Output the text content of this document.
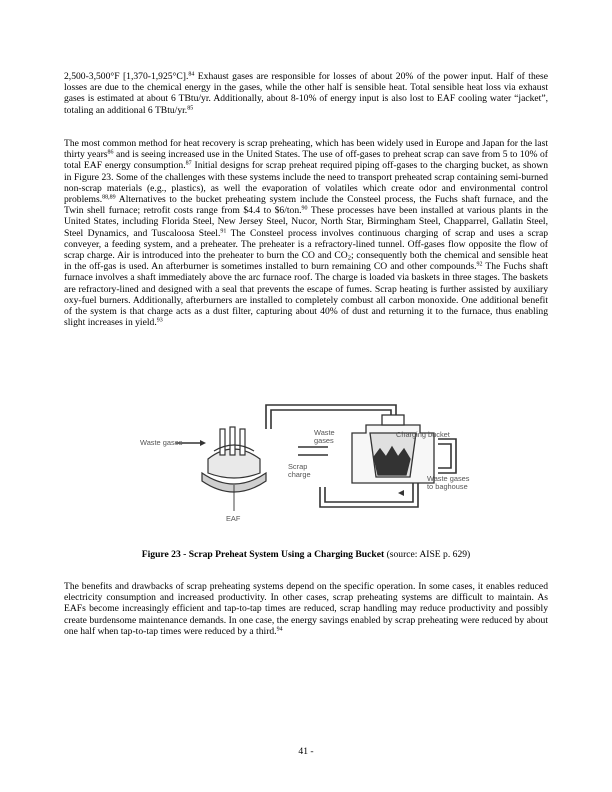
2,500-3,500°F [1,370-1,925°C].$^{84}$ Exhaust gases are responsible for losses of about 20% of the power input. Half of these losses are due to the chemical energy in the gases, while the other half is sensible heat. Total sensible heat loss via exhaust gases is estimated at about 6 TBtu/yr. Additionally, about 8-10% of energy input is also lost to EAF cooling water “jacket”, totaling an additional 6 TBtu/yr.$^{85}$

The most common method for heat recovery is scrap preheating, which has been widely used in Europe and Japan for the last thirty years$^{86}$ and is seeing increased use in the United States. The use of off-gases to preheat scrap can save from 5 to 10% of total EAF energy consumption.$^{87}$ Initial designs for scrap preheat required piping off-gases to the charging bucket, as shown in Figure 23. Some of the challenges with these systems include the need to transport preheated scrap containing semi-burned non-scrap materials (e.g., plastics), as well the evaporation of volatiles which create odor and environmental control problems.$^{88,89}$ Alternatives to the bucket preheating system include the Consteel process, the Fuchs shaft furnace, and the Twin shell furnace; retrofit costs range from $4.4 to $6/ton.$^{90}$ These processes have been installed at various plants in the United States, including Florida Steel, New Jersey Steel, Nucor, North Star, Birmingham Steel, Chapparrel, Gallatin Steel, Steel Dynamics, and Tuscaloosa Steel.$^{91}$ The Consteel process involves continuous charging of scrap and uses a scrap conveyer, a feeding system, and a preheater. The preheater is a refractory-lined tunnel. Off-gases flow opposite the flow of scrap charge. Air is introduced into the preheater to burn the CO and $CO_2$; consequently both the chemical and sensible heat in the off-gas is used. An afterburner is sometimes installed to burn remaining CO and other compounds.$^{92}$ The Fuchs shaft furnace involves a shaft immediately above the arc furnace roof. The charge is loaded via baskets in three stages. The baskets are refractory-lined and designed with a seal that prevents the escape of fumes. Scrap heating is further assisted by auxiliary oxy-fuel burners. Additionally, afterburners are installed to completely combust all carbon monoxide. One additional benefit of the system is that charge acts as a dust filter, capturing about 40% of dust and returning it to the furnace, thus enabling slight increases in yield.$^{93}$

Waste gases
Waste
gases
Scrap
charge
Charging bucket
Waste gases
to baghouse
EAF
Figure 23 - Scrap Preheat System Using a Charging Bucket (source: AISE p. 629)

The benefits and drawbacks of scrap preheating systems depend on the specific operation. In some cases, it enables reduced electricity consumption and increased productivity. In other cases, scrap preheating systems are difficult to maintain. As EAFs become increasingly efficient and tap-to-tap times are reduced, scrap handling may reduce productivity and possibly create burdensome maintenance demands. In one case, the energy savings enabled by scrap preheating were reduced by about one half when tap-to-tap times were reduced by a third.$^{94}$

41 -
